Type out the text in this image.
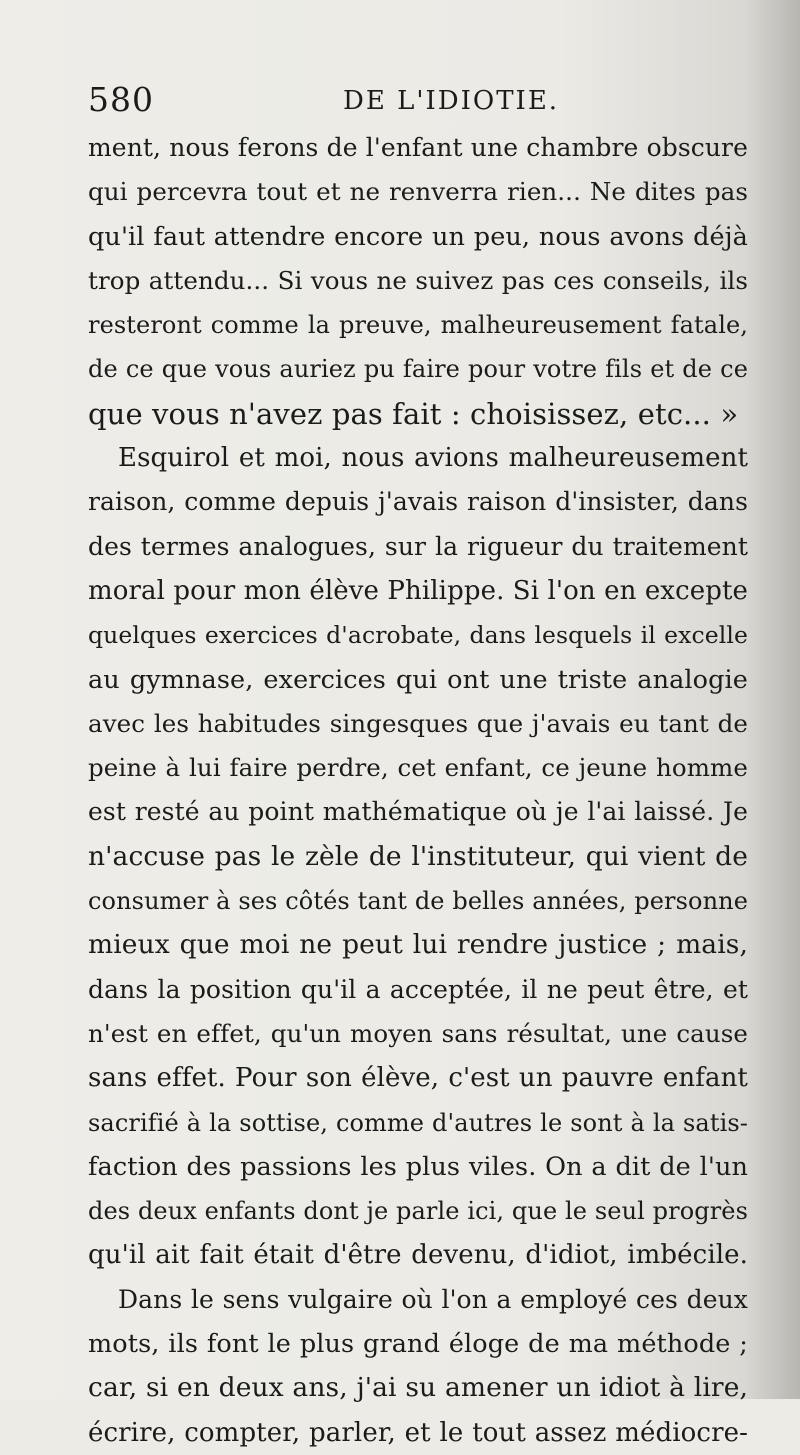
580	DE L'IDIOTIE.
ment, nous ferons de l'enfant une chambre obscure
qui percevra tout et ne renverra rien... Ne dites pas
qu'il faut attendre encore un peu, nous avons déjà
trop attendu... Si vous ne suivez pas ces conseils, ils
resteront comme la preuve, malheureusement fatale,
de ce que vous auriez pu faire pour votre fils et de ce
que vous n'avez pas fait : choisissez, etc... »
Esquirol et moi, nous avions malheureusement
raison, comme depuis j'avais raison d'insister, dans
des termes analogues, sur la rigueur du traitement
moral pour mon élève Philippe. Si l'on en excepte
quelques exercices d'acrobate, dans lesquels il excelle
au gymnase, exercices qui ont une triste analogie
avec les habitudes singesques que j'avais eu tant de
peine à lui faire perdre, cet enfant, ce jeune homme
est resté au point mathématique où je l'ai laissé. Je
n'accuse pas le zèle de l'instituteur, qui vient de
consumer à ses côtés tant de belles années, personne
mieux que moi ne peut lui rendre justice ; mais,
dans la position qu'il a acceptée, il ne peut être, et
n'est en effet, qu'un moyen sans résultat, une cause
sans effet. Pour son élève, c'est un pauvre enfant
sacrifié à la sottise, comme d'autres le sont à la satis-
faction des passions les plus viles. On a dit de l'un
des deux enfants dont je parle ici, que le seul progrès
qu'il ait fait était d'être devenu, d'idiot, imbécile.
Dans le sens vulgaire où l'on a employé ces deux
mots, ils font le plus grand éloge de ma méthode ;
car, si en deux ans, j'ai su amener un idiot à lire,
écrire, compter, parler, et le tout assez médiocre-
